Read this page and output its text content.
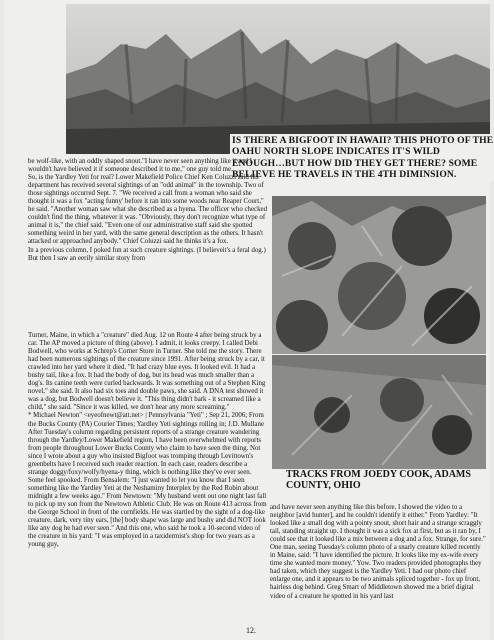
IS THERE A BIGFOOT IN HAWAII? THIS PHOTO OF THE OAHU NORTH SLOPE INDICATES IT'S WILD ENOUGH…BUT HOW DID THEY GET THERE? SOME BELIEVE HE TRAVELS IN THE 4TH DIMINSION.
TRACKS FROM JOEDY COOK, ADAMS COUNTY, OHIO

be wolf-like, with an oddly shaped snout."I have never seen anything like it and I wouldn't have believed it if someone described it to me," one guy told me.

So, is the Yardley Yeti for real? Lower Makefield Police Chief Ken Coluzzi said his department has received several sightings of an "odd animal" in the township. Two of those sightings occurred Sept. 7. "We received a call from a woman who said she thought it was a fox "acting funny' before it ran into some woods near Reaper Court," he said. "Another woman saw what she described as a hyena. The officer who checked couldn't find the thing, whatever it was. "Obviously, they don't recognize what type of animal it is," the chief said. "Even one of our administrative staff said she spotted something weird in her yard, with the same general description as the others. It hasn't attacked or approached anybody." Chief Coluzzi said he thinks it's a fox.

In a previous column, I poked fun at such creature sightings. (I believeit's a feral dog.) But then I saw an eerily similar story from

Turner, Maine, in which a "creature" died Aug. 12 on Route 4 after being struck by a car. The AP moved a picture of thing (above). I admit, it looks creepy. I called Debi Bodwell, who works at Schrep's Corner Store in Turner. She told me the story. There had been numerous sightings of the creature since 1991. After being struck by a car, it crawled into her yard where it died. "It had crazy blue eyes. It looked evil. It had a bushy tail, like a fox. It had the body of dog, but its head was much smaller than a dog's. Its canine teeth were curled backwards. It was something out of a Stephen King novel," she said. It also had six toes and double paws, she said. A DNA test showed it was a dog, but Bodwell doesn't believe it. "This thing didn't bark - it screamed like a child," she said. "Since it was killed, we don't hear any more screaming."

* Michael Newton" <eyeofnewt@att.net> | Pennsylvania "Yeti" ; Sep 21, 2006; From the Bucks County (PA) Courier Times; Yardley Yeti sightings rolling in; J.D. Mullane

After Tuesday's column regarding persistent reports of a strange creature wandering through the Yardley/Lower Makefield region, I have been overwhelmed with reports from people throughout Lower Bucks County who claim to have seen the thing. Not since I wrote about a guy who insisted Bigfoot was tromping through Levittown's greenbelts have I received such reader reaction. In each case, readers describe a strange doggy/foxy/wolfy/hyena-y thing, which is nothing like they've ever seen. Some feel spooked. From Bensalem: "I just wanted to let you know that I seen something like the Yardley Yeti at the Neshaminy Interplex by the Red Robin about midnight a few weeks ago." From Newtown: "My husband went out one night last fall to pick up my son from the Newtown Athletic Club. He was on Route 413 across from the George School in front of the cornfields. He was startled by the sight of a dog-like creature, dark, very tiny ears, [the] body shape was large and bushy and did NOT look like any dog he had ever seen." And this one, who said he took a 10-second video of the creature in his yard: "I was employed in a taxidermist's shop for two years as a young guy,

and have never seen anything like this before. I showed the video to a neighbor [avid hunter], and he couldn't identify it either." From Yardley: "It looked like a small dog with a pointy snout, short hair and a strange scraggly tail, standing straight up. I thought it was a sick fox at first, but as it ran by, I could see that it looked like a mix between a dog and a fox. Strange, for sure." One man, seeing Tuesday's column photo of a snarly creature killed recently in Maine, said: "I have identified the picture. It looks like my ex-wife every time she wanted more money." Yow. Two readers provided photographs they had taken, which they suggest is the Yardley Yeti. I had our photo chief enlarge one, and it appears to be two animals spliced together - fox up front, hairless dog behind. Greg Smart of Middletown showed me a brief digital video of a creature he spotted in his yard last

12.
